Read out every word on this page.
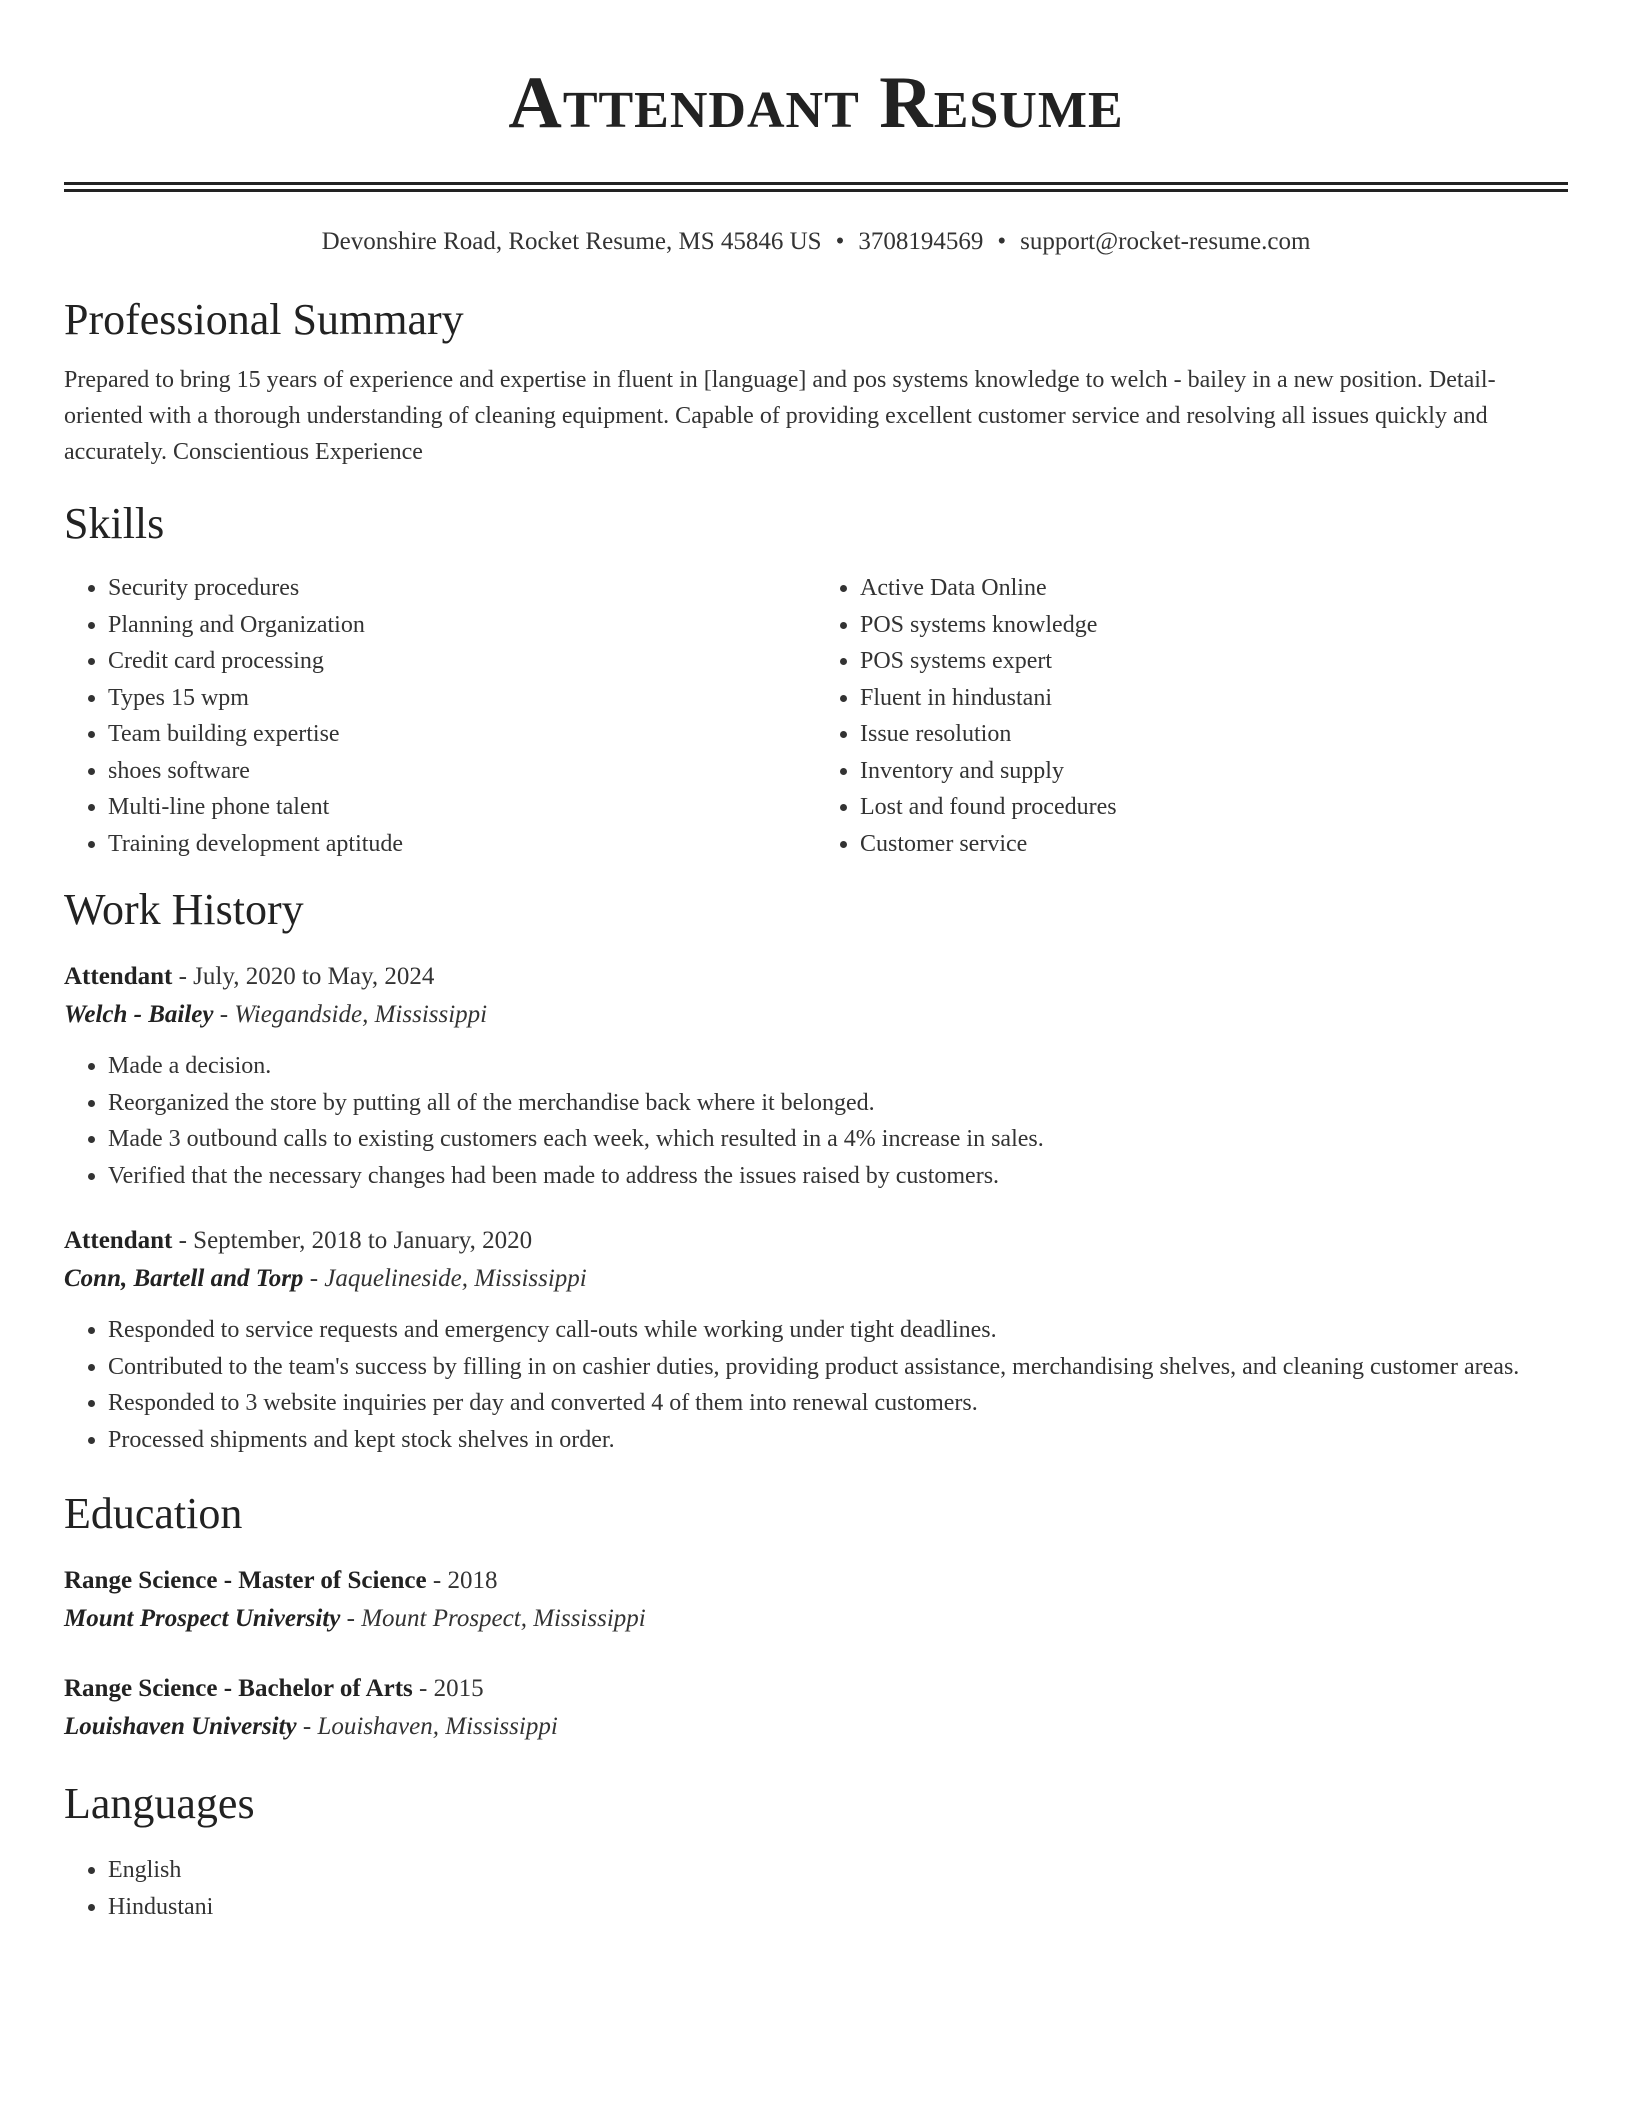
Attendant Resume
Devonshire Road, Rocket Resume, MS 45846 US • 3708194569 • support@rocket-resume.com
Professional Summary
Prepared to bring 15 years of experience and expertise in fluent in [language] and pos systems knowledge to welch - bailey in a new position. Detail-oriented with a thorough understanding of cleaning equipment. Capable of providing excellent customer service and resolving all issues quickly and accurately. Conscientious Experience
Skills
• Security procedures
• Planning and Organization
• Credit card processing
• Types 15 wpm
• Team building expertise
• shoes software
• Multi-line phone talent
• Training development aptitude
• Active Data Online
• POS systems knowledge
• POS systems expert
• Fluent in hindustani
• Issue resolution
• Inventory and supply
• Lost and found procedures
• Customer service
Work History
Attendant - July, 2020 to May, 2024
Welch - Bailey - Wiegandside, Mississippi
• Made a decision.
• Reorganized the store by putting all of the merchandise back where it belonged.
• Made 3 outbound calls to existing customers each week, which resulted in a 4% increase in sales.
• Verified that the necessary changes had been made to address the issues raised by customers.
Attendant - September, 2018 to January, 2020
Conn, Bartell and Torp - Jaquelineside, Mississippi
• Responded to service requests and emergency call-outs while working under tight deadlines.
• Contributed to the team's success by filling in on cashier duties, providing product assistance, merchandising shelves, and cleaning customer areas.
• Responded to 3 website inquiries per day and converted 4 of them into renewal customers.
• Processed shipments and kept stock shelves in order.
Education
Range Science - Master of Science - 2018
Mount Prospect University - Mount Prospect, Mississippi
Range Science - Bachelor of Arts - 2015
Louishaven University - Louishaven, Mississippi
Languages
• English
• Hindustani
